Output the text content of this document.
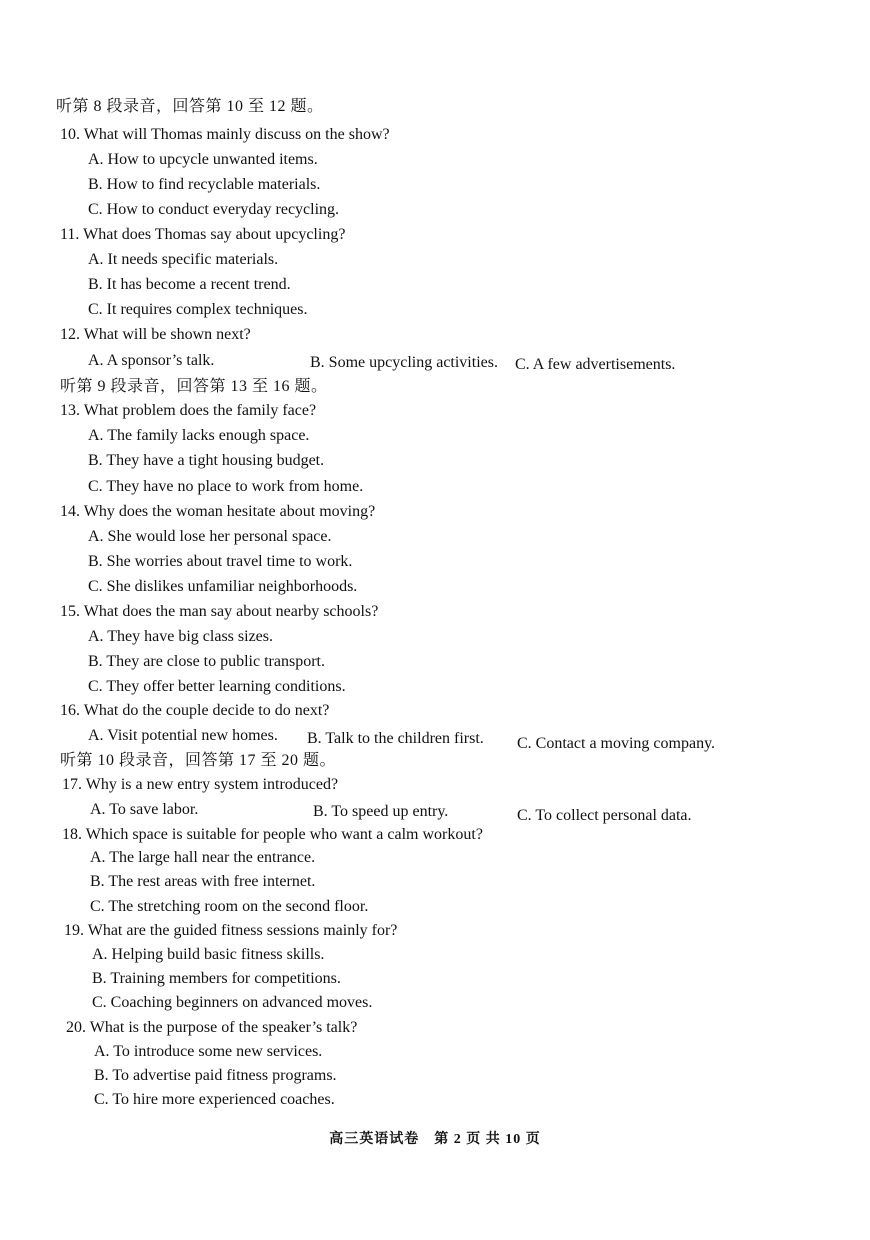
听第 8 段录音，回答第 10 至 12 题。
10. What will Thomas mainly discuss on the show?
A. How to upcycle unwanted items.
B. How to find recyclable materials.
C. How to conduct everyday recycling.
11. What does Thomas say about upcycling?
A. It needs specific materials.
B. It has become a recent trend.
C. It requires complex techniques.
12. What will be shown next?
A. A sponsor’s talk.	B. Some upcycling activities. C. A few advertisements.
听第 9 段录音，回答第 13 至 16 题。
13. What problem does the family face?
A. The family lacks enough space.
B. They have a tight housing budget.
C. They have no place to work from home.
14. Why does the woman hesitate about moving?
A. She would lose her personal space.
B. She worries about travel time to work.
C. She dislikes unfamiliar neighborhoods.
15. What does the man say about nearby schools?
A. They have big class sizes.
B. They are close to public transport.
C. They offer better learning conditions.
16. What do the couple decide to do next?
A. Visit potential new homes. B. Talk to the children first. C. Contact a moving company.
听第 10 段录音，回答第 17 至 20 题。
17. Why is a new entry system introduced?
A. To save labor.	B. To speed up entry.	C. To collect personal data.
18. Which space is suitable for people who want a calm workout?
A. The large hall near the entrance.
B. The rest areas with free internet.
C. The stretching room on the second floor.
19. What are the guided fitness sessions mainly for?
A. Helping build basic fitness skills.
B. Training members for competitions.
C. Coaching beginners on advanced moves.
20. What is the purpose of the speaker’s talk?
A. To introduce some new services.
B. To advertise paid fitness programs.
C. To hire more experienced coaches.
高三英语试卷　第 2 页 共 10 页
